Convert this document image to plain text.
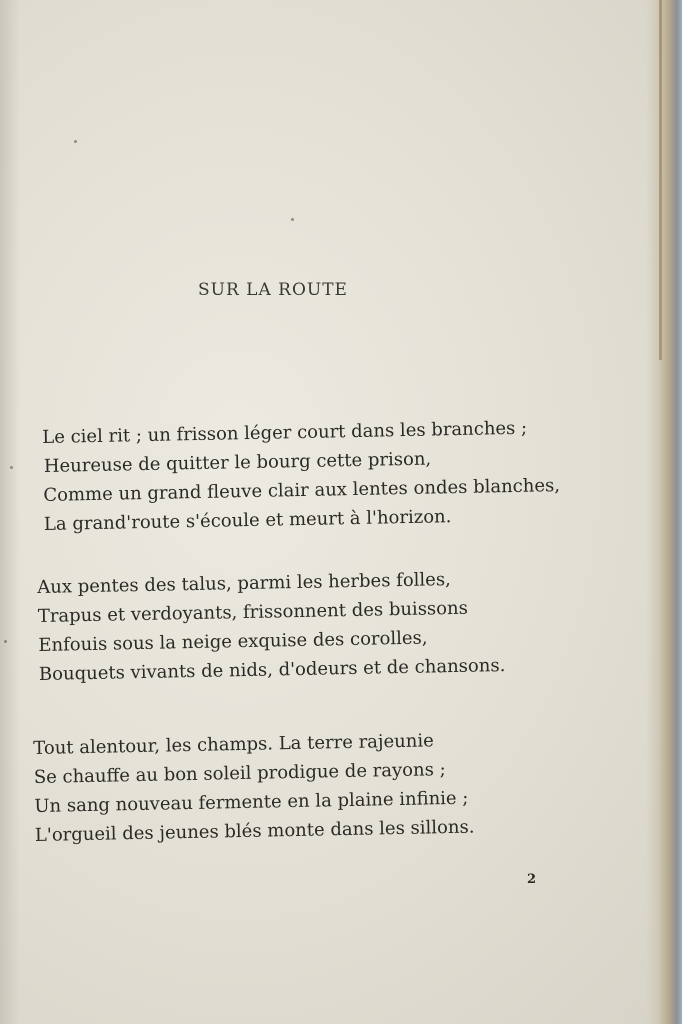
SUR LA ROUTE
Le ciel rit ; un frisson léger court dans les branches ;
Heureuse de quitter le bourg cette prison,
Comme un grand fleuve clair aux lentes ondes blanches,
La grand'route s'écoule et meurt à l'horizon.
Aux pentes des talus, parmi les herbes folles,
Trapus et verdoyants, frissonnent des buissons
Enfouis sous la neige exquise des corolles,
Bouquets vivants de nids, d'odeurs et de chansons.
Tout alentour, les champs. La terre rajeunie
Se chauffe au bon soleil prodigue de rayons ;
Un sang nouveau fermente en la plaine infinie ;
L'orgueil des jeunes blés monte dans les sillons.
2
